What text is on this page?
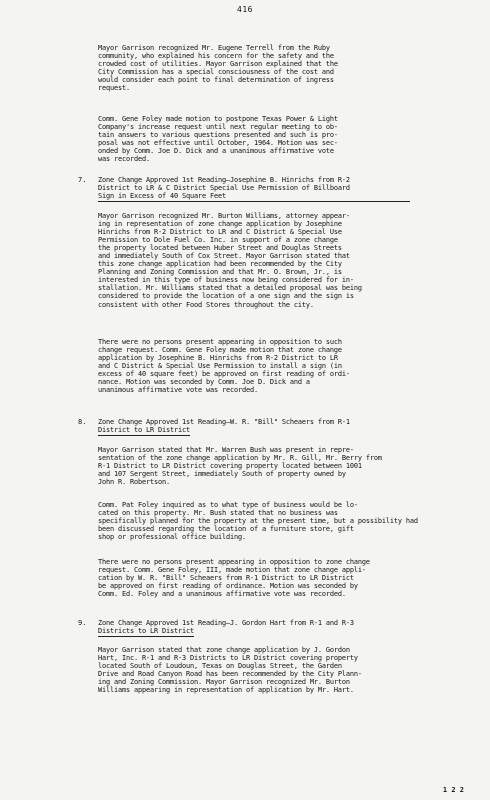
416
Mayor Garrison recognized Mr. Eugene Terrell from the Ruby
community, who explained his concern for the safety and the
crowded cost of utilities. Mayor Garrison explained that the
City Commission has a special consciousness of the cost and
would consider each point to final determination of ingress
request.
Comm. Gene Foley made motion to postpone Texas Power & Light
Company's increase request until next regular meeting to ob-
tain answers to various questions presented and such is pro-
posal was not effective until October, 1964. Motion was sec-
onded by Comm. Joe D. Dick and a unanimous affirmative vote
was recorded.
7. Zone Change Approved 1st Reading—Josephine B. Hinrichs from R-2
District to LR & C District Special Use Permission of Billboard
Sign in Excess of 40 Square Feet
Mayor Garrison recognized Mr. Burton Williams, attorney appear-
ing in representation of zone change application by Josephine
Hinrichs from R-2 District to LR and C District & Special Use
Permission to Dole Fuel Co. Inc. in support of a zone change
the property located between Huber Street and Douglas Streets
and immediately South of Cox Street. Mayor Garrison stated that
this zone change application had been recommended by the City
Planning and Zoning Commission and that Mr. O. Brown, Jr., is
interested in this type of business now being considered for in-
stallation. Mr. Williams stated that a detailed proposal was being
considered to provide the location of a one sign and the sign is
consistent with other Food Stores throughout the city.
There were no persons present appearing in opposition to such
change request. Comm. Gene Foley made motion that zone change
application by Josephine B. Hinrichs from R-2 District to LR
and C District & Special Use Permission to install a sign (in
excess of 40 square feet) be approved on first reading of ordi-
nance. Motion was seconded by Comm. Joe D. Dick and a
unanimous affirmative vote was recorded.
8. Zone Change Approved 1st Reading—W. R. "Bill" Scheaers from R-1
District to LR District
Mayor Garrison stated that Mr. Warren Bush was present in repre-
sentation of the zone change application by Mr. R. Gill, Mr. Berry from
R-1 District to LR District covering property located between 1001
and 107 Sergent Street, immediately South of property owned by
John R. Robertson.
Comm. Pat Foley inquired as to what type of business would be lo-
cated on this property. Mr. Bush stated that no business was
specifically planned for the property at the present time, but a possibility had
been discussed regarding the location of a furniture store, gift
shop or professional office building.
There were no persons present appearing in opposition to zone change
request. Comm. Gene Foley, III, made motion that zone change appli-
cation by W. R. "Bill" Scheaers from R-1 District to LR District
be approved on first reading of ordinance. Motion was seconded by
Comm. Ed. Foley and a unanimous affirmative vote was recorded.
9. Zone Change Approved 1st Reading—J. Gordon Hart from R-1 and R-3
Districts to LR District
Mayor Garrison stated that zone change application by J. Gordon
Hart, Inc. R-1 and R-3 Districts to LR District covering property
located South of Loudoun, Texas on Douglas Street, the Garden
Drive and Road Canyon Road has been recommended by the City Plann-
ing and Zoning Commission. Mayor Garrison recognized Mr. Burton
Williams appearing in representation of application by Mr. Hart.
1 2 2
